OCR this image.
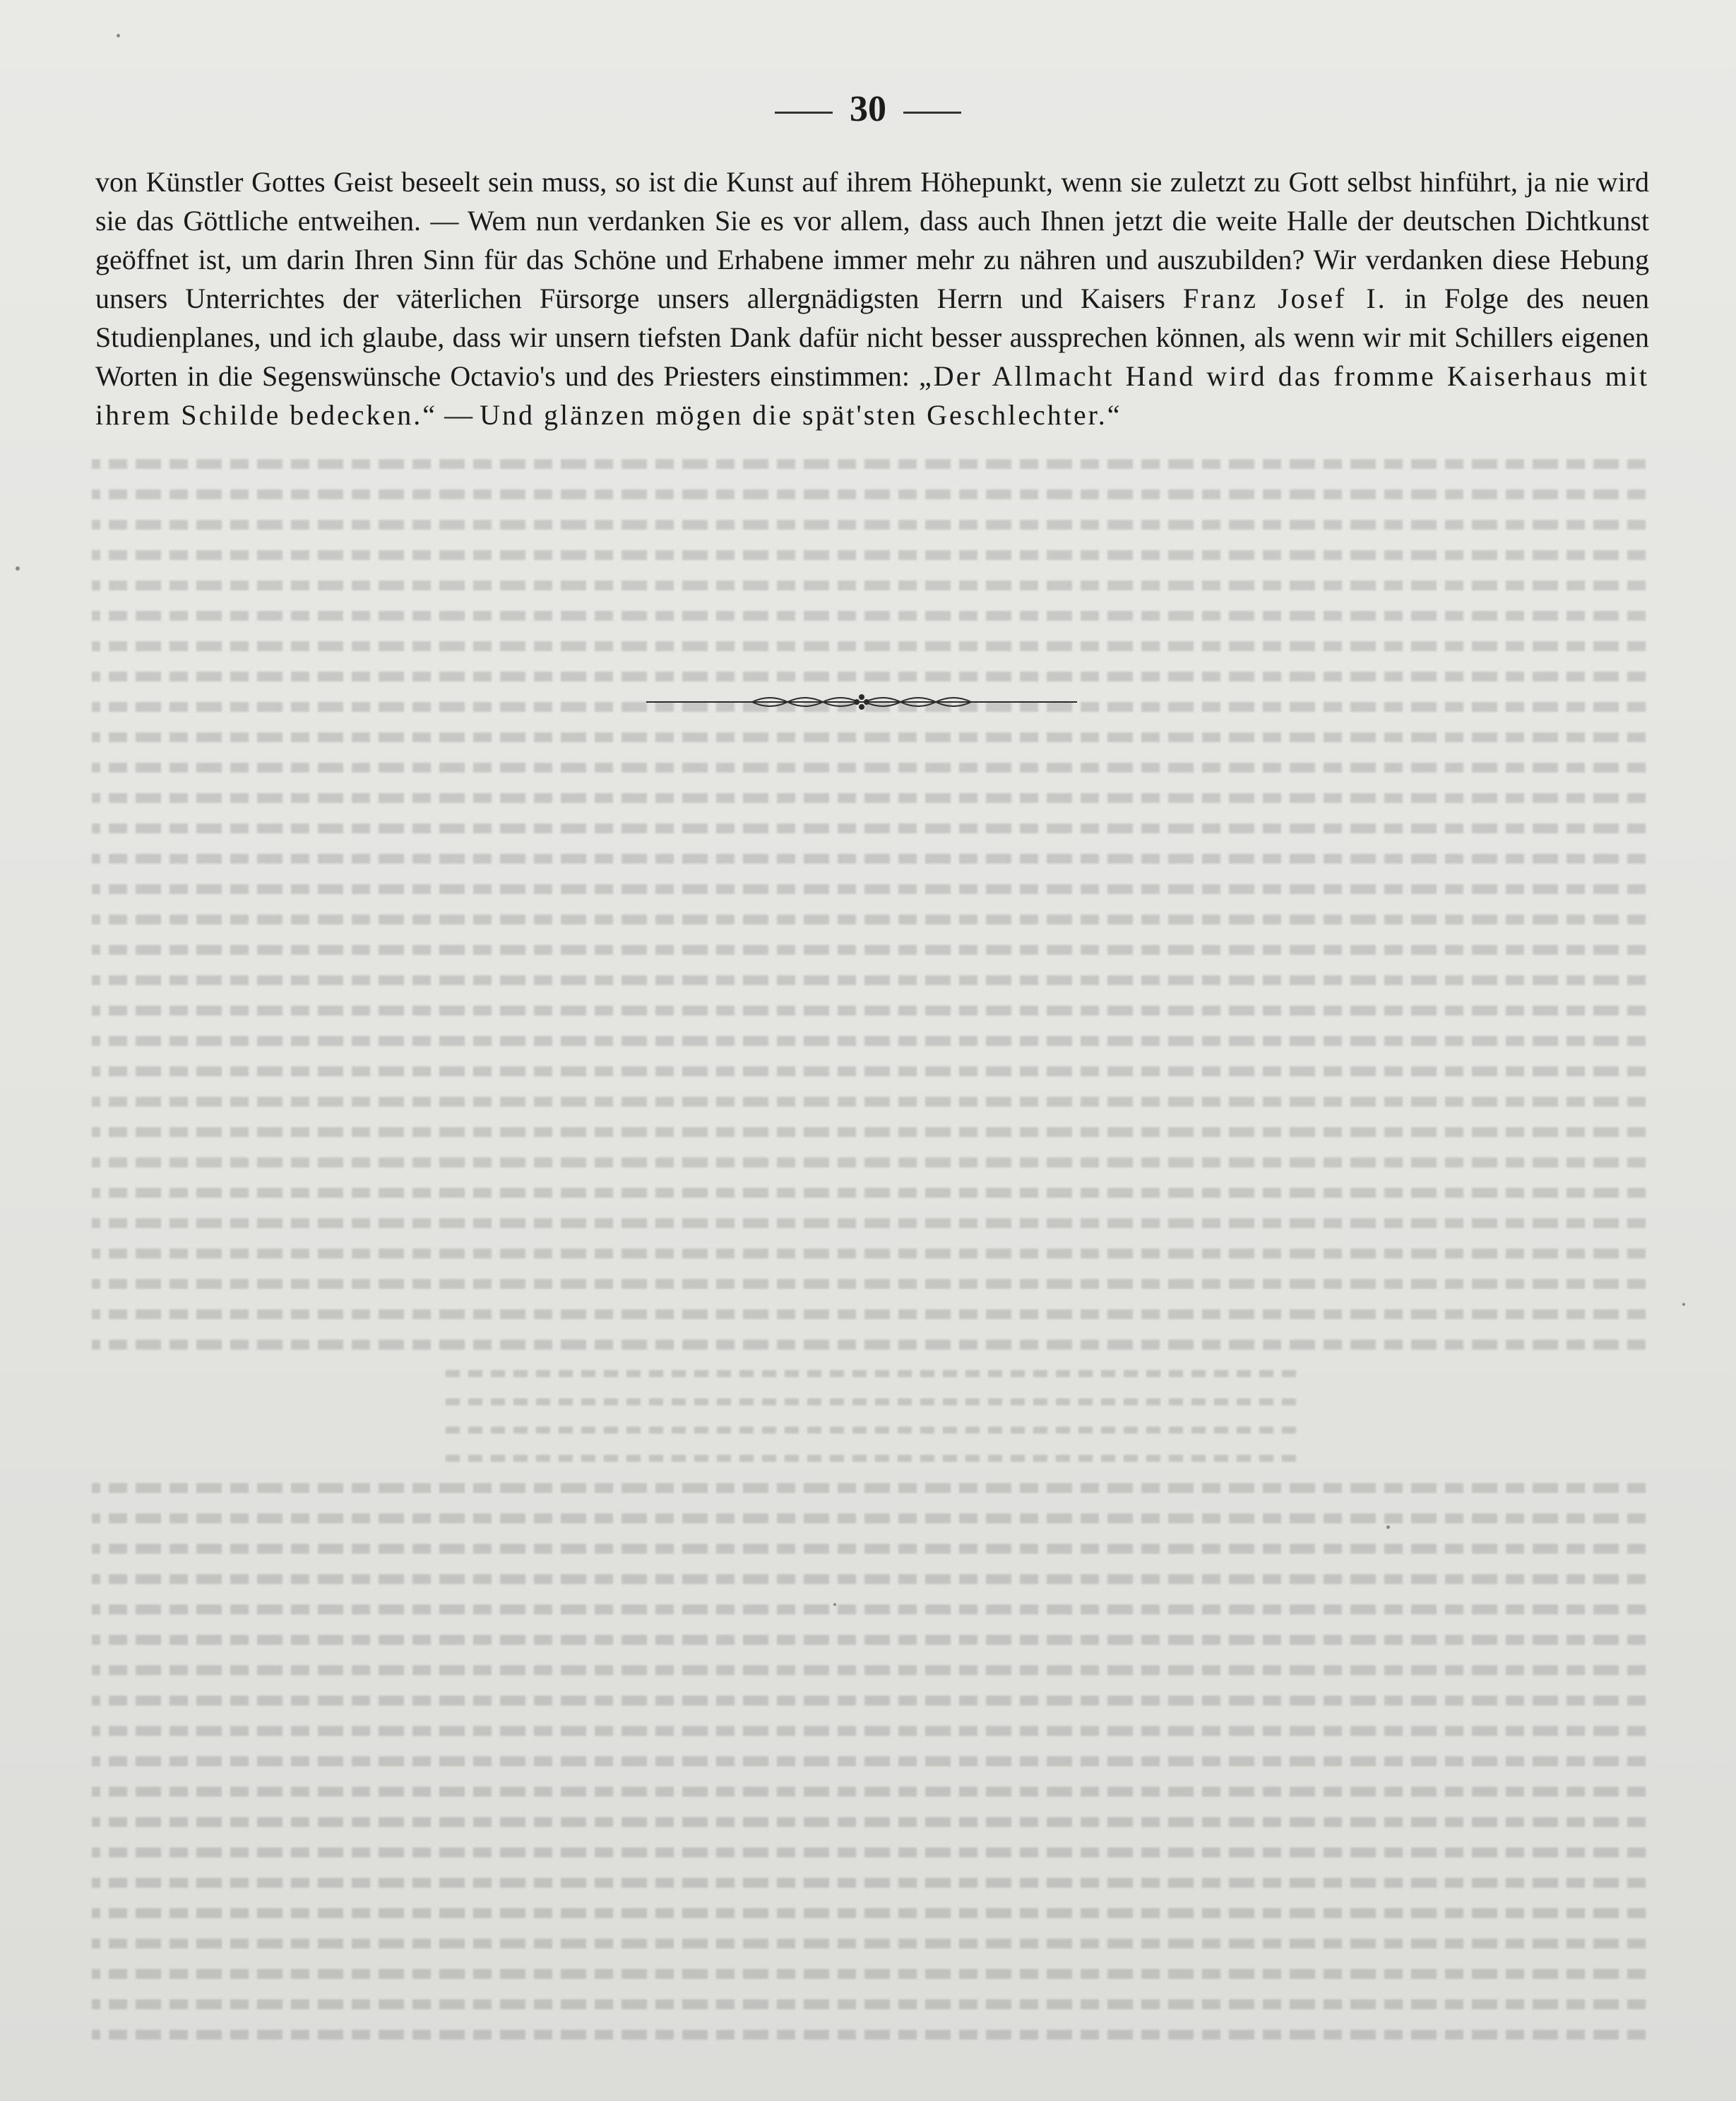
30
von Künstler Gottes Geist beseelt sein muss, so ist die Kunst auf ihrem Höhepunkt, wenn sie zuletzt zu Gott selbst hinführt, ja nie wird sie das Göttliche entweihen. — Wem nun verdanken Sie es vor allem, dass auch Ihnen jetzt die weite Halle der deutschen Dichtkunst geöffnet ist, um darin Ihren Sinn für das Schöne und Erhabene immer mehr zu nähren und auszubilden? Wir verdanken diese Hebung unsers Unterrichtes der väterlichen Fürsorge unsers allergnädigsten Herrn und Kaisers Franz Josef I. in Folge des neuen Studienplanes, und ich glaube, dass wir unsern tiefsten Dank dafür nicht besser aussprechen können, als wenn wir mit Schillers eigenen Worten in die Segenswünsche Octavio's und des Priesters einstimmen: „Der Allmacht Hand wird das fromme Kaiserhaus mit ihrem Schilde bedecken.“ — Und glänzen mögen die spät'sten Geschlechter.“
